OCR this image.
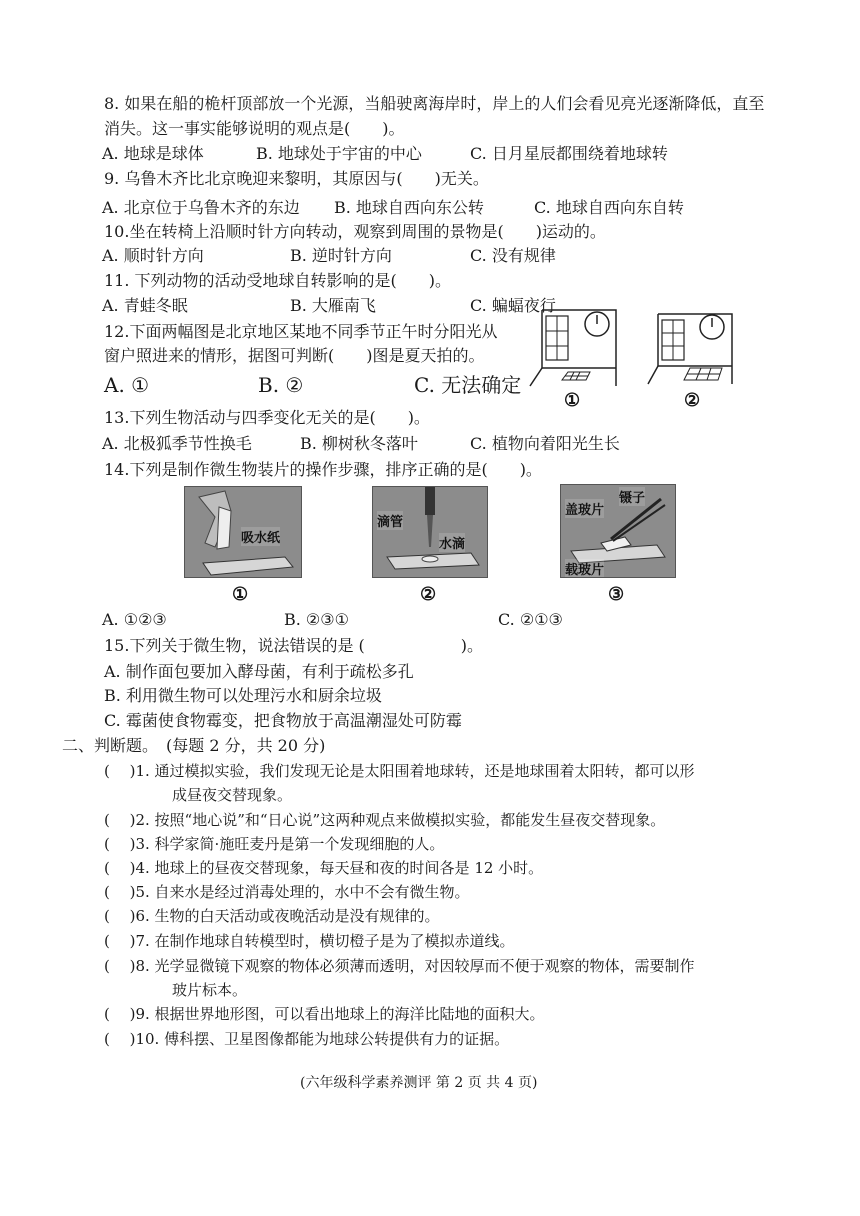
8. 如果在船的桅杆顶部放一个光源，当船驶离海岸时，岸上的人们会看见亮光逐渐降低，直至
消失。这一事实能够说明的观点是(　　)。
A. 地球是球体	B. 地球处于宇宙的中心	C. 日月星辰都围绕着地球转
9. 乌鲁木齐比北京晚迎来黎明，其原因与(　　)无关。
A. 北京位于乌鲁木齐的东边 B. 地球自西向东公转	C. 地球自西向东自转
10.坐在转椅上沿顺时针方向转动，观察到周围的景物是(　　)运动的。
A. 顺时针方向	B. 逆时针方向	C. 没有规律
11. 下列动物的活动受地球自转影响的是(　　)。
A. 青蛙冬眠	B. 大雁南飞	C. 蝙蝠夜行
12.下面两幅图是北京地区某地不同季节正午时分阳光从
窗户照进来的情形，据图可判断(　　)图是夏天拍的。
A. ①	B. ②	C. 无法确定
①	②
13.下列生物活动与四季变化无关的是(　　)。
A. 北极狐季节性换毛	B. 柳树秋冬落叶	C. 植物向着阳光生长
14.下列是制作微生物装片的操作步骤，排序正确的是(　　)。
吸水纸
①
滴管
水滴
②
盖玻片
镊子
载玻片
③
A. ①②③	B. ②③①	C. ②①③
15.下列关于微生物，说法错误的是 (　　　　　　)。
A. 制作面包要加入酵母菌，有利于疏松多孔
B. 利用微生物可以处理污水和厨余垃圾
C. 霉菌使食物霉变，把食物放于高温潮湿处可防霉
二、判断题。　(每题 2 分，共 20 分)
(　 )1. 通过模拟实验，我们发现无论是太阳围着地球转，还是地球围着太阳转，都可以形
成昼夜交替现象。
(　 )2. 按照“地心说”和“日心说”这两种观点来做模拟实验，都能发生昼夜交替现象。
(　 )3. 科学家简·施旺麦丹是第一个发现细胞的人。
(　 )4. 地球上的昼夜交替现象，每天昼和夜的时间各是 12 小时。
(　 )5. 自来水是经过消毒处理的，水中不会有微生物。
(　 )6. 生物的白天活动或夜晚活动是没有规律的。
(　 )7. 在制作地球自转模型时，横切橙子是为了模拟赤道线。
(　 )8. 光学显微镜下观察的物体必须薄而透明，对因较厚而不便于观察的物体，需要制作
玻片标本。
(　 )9. 根据世界地形图，可以看出地球上的海洋比陆地的面积大。
(　 )10. 傅科摆、卫星图像都能为地球公转提供有力的证据。
(六年级科学素养测评 第 2 页 共 4 页)
